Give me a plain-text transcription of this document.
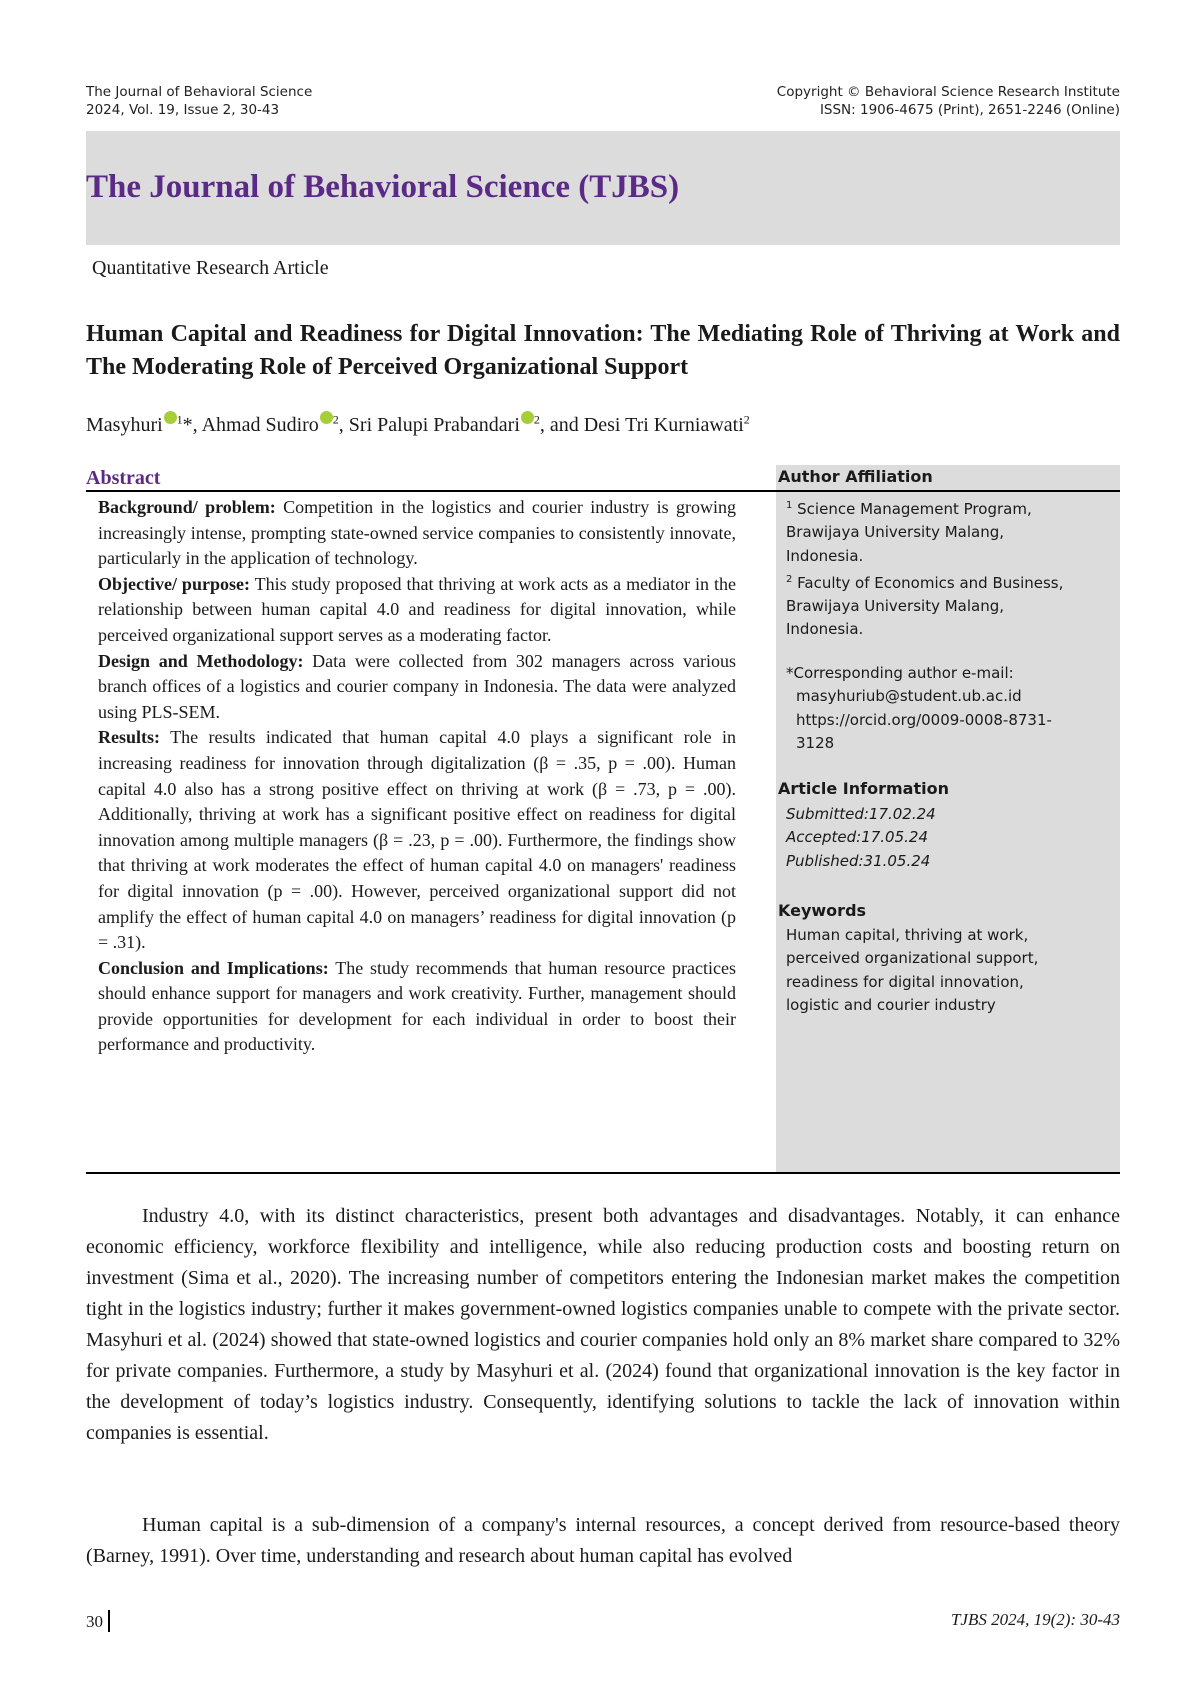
The Journal of Behavioral Science
2024, Vol. 19, Issue 2, 30-43
Copyright © Behavioral Science Research Institute
ISSN: 1906-4675 (Print), 2651-2246 (Online)
The Journal of Behavioral Science (TJBS)
Quantitative Research Article
Human Capital and Readiness for Digital Innovation: The Mediating Role of Thriving at Work and The Moderating Role of Perceived Organizational Support
Masyhuri $^1$*, Ahmad Sudiro $^2$, Sri Palupi Prabandari $^2$, and Desi Tri Kurniawati$^2$
Abstract

Background/ problem: Competition in the logistics and courier industry is growing increasingly intense, prompting state-owned service companies to consistently innovate, particularly in the application of technology.

Objective/ purpose: This study proposed that thriving at work acts as a mediator in the relationship between human capital 4.0 and readiness for digital innovation, while perceived organizational support serves as a moderating factor.

Design and Methodology: Data were collected from 302 managers across various branch offices of a logistics and courier company in Indonesia. The data were analyzed using PLS-SEM.

Results: The results indicated that human capital 4.0 plays a significant role in increasing readiness for innovation through digitalization (β = .35, p = .00). Human capital 4.0 also has a strong positive effect on thriving at work (β = .73, p = .00). Additionally, thriving at work has a significant positive effect on readiness for digital innovation among multiple managers (β = .23, p = .00). Furthermore, the findings show that thriving at work moderates the effect of human capital 4.0 on managers' readiness for digital innovation (p = .00). However, perceived organizational support did not amplify the effect of human capital 4.0 on managers’ readiness for digital innovation (p = .31).

Conclusion and Implications: The study recommends that human resource practices should enhance support for managers and work creativity. Further, management should provide opportunities for development for each individual in order to boost their performance and productivity.

Author Affiliation
$^1$ Science Management Program,
Brawijaya University Malang,
Indonesia.
$^2$ Faculty of Economics and Business,
Brawijaya University Malang,
Indonesia.
*Corresponding author e-mail:
masyhuriub@student.ub.ac.id
https://orcid.org/0009-0008-8731-
3128
Article Information
Submitted:17.02.24
Accepted:17.05.24
Published:31.05.24
Keywords
Human capital, thriving at work,
perceived organizational support,
readiness for digital innovation,
logistic and courier industry

Industry 4.0, with its distinct characteristics, present both advantages and disadvantages. Notably, it can enhance economic efficiency, workforce flexibility and intelligence, while also reducing production costs and boosting return on investment (Sima et al., 2020). The increasing number of competitors entering the Indonesian market makes the competition tight in the logistics industry; further it makes government-owned logistics companies unable to compete with the private sector. Masyhuri et al. (2024) showed that state-owned logistics and courier companies hold only an 8% market share compared to 32% for private companies. Furthermore, a study by Masyhuri et al. (2024) found that organizational innovation is the key factor in the development of today’s logistics industry. Consequently, identifying solutions to tackle the lack of innovation within companies is essential.

Human capital is a sub-dimension of a company's internal resources, a concept derived from resource-based theory (Barney, 1991). Over time, understanding and research about human capital has evolved

30	TJBS 2024, 19(2): 30-43
